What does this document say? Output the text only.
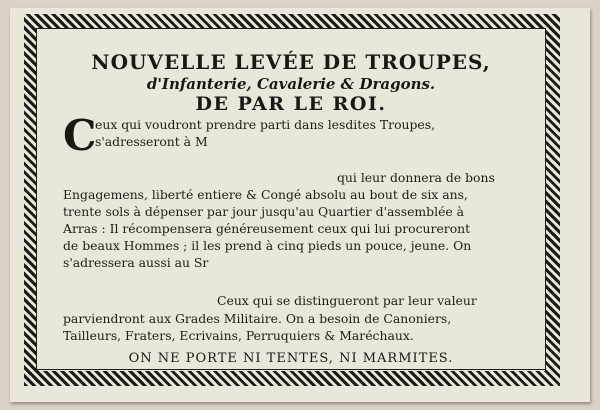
NOUVELLE LEVÉE DE TROUPES,
d'Infanterie, Cavalerie & Dragons.
DE PAR LE ROI.
C
eux qui voudront prendre parti dans lesdites Troupes,
s'adresseront à M
qui leur donnera de bons
Engagemens, liberté entiere & Congé absolu au bout de six ans,
trente sols à dépenser par jour jusqu'au Quartier d'assemblée à
Arras : Il récompensera généreusement ceux qui lui procureront
de beaux Hommes ; il les prend à cinq pieds un pouce, jeune. On
s'adressera aussi au Sr
Ceux qui se distingueront par leur valeur
parviendront aux Grades Militaire. On a besoin de Canoniers,
Tailleurs, Fraters, Ecrivains, Perruquiers & Maréchaux.
ON NE PORTE NI TENTES, NI MARMITES.
